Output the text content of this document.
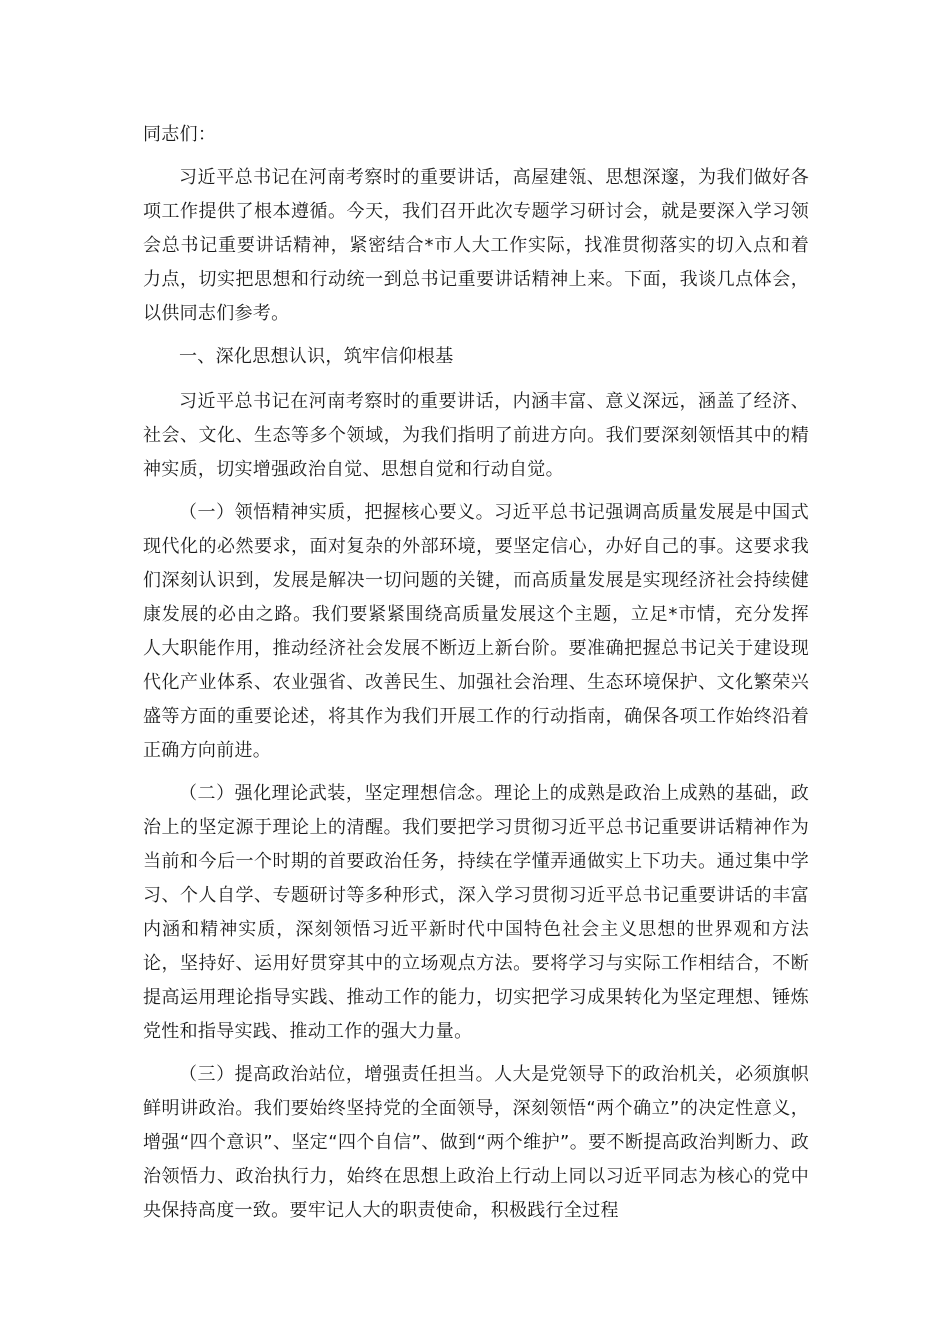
同志们：

习近平总书记在河南考察时的重要讲话，高屋建瓴、思想深邃，为我们做好各项工作提供了根本遵循。今天，我们召开此次专题学习研讨会，就是要深入学习领会总书记重要讲话精神，紧密结合*市人大工作实际，找准贯彻落实的切入点和着力点，切实把思想和行动统一到总书记重要讲话精神上来。下面，我谈几点体会，以供同志们参考。

一、深化思想认识，筑牢信仰根基

习近平总书记在河南考察时的重要讲话，内涵丰富、意义深远，涵盖了经济、社会、文化、生态等多个领域，为我们指明了前进方向。我们要深刻领悟其中的精神实质，切实增强政治自觉、思想自觉和行动自觉。

（一）领悟精神实质，把握核心要义。习近平总书记强调高质量发展是中国式现代化的必然要求，面对复杂的外部环境，要坚定信心，办好自己的事。这要求我们深刻认识到，发展是解决一切问题的关键，而高质量发展是实现经济社会持续健康发展的必由之路。我们要紧紧围绕高质量发展这个主题，立足*市情，充分发挥人大职能作用，推动经济社会发展不断迈上新台阶。要准确把握总书记关于建设现代化产业体系、农业强省、改善民生、加强社会治理、生态环境保护、文化繁荣兴盛等方面的重要论述，将其作为我们开展工作的行动指南，确保各项工作始终沿着正确方向前进。

（二）强化理论武装，坚定理想信念。理论上的成熟是政治上成熟的基础，政治上的坚定源于理论上的清醒。我们要把学习贯彻习近平总书记重要讲话精神作为当前和今后一个时期的首要政治任务，持续在学懂弄通做实上下功夫。通过集中学习、个人自学、专题研讨等多种形式，深入学习贯彻习近平总书记重要讲话的丰富内涵和精神实质，深刻领悟习近平新时代中国特色社会主义思想的世界观和方法论，坚持好、运用好贯穿其中的立场观点方法。要将学习与实际工作相结合，不断提高运用理论指导实践、推动工作的能力，切实把学习成果转化为坚定理想、锤炼党性和指导实践、推动工作的强大力量。

（三）提高政治站位，增强责任担当。人大是党领导下的政治机关，必须旗帜鲜明讲政治。我们要始终坚持党的全面领导，深刻领悟“两个确立”的决定性意义，增强“四个意识”、坚定“四个自信”、做到“两个维护”。要不断提高政治判断力、政治领悟力、政治执行力，始终在思想上政治上行动上同以习近平同志为核心的党中央保持高度一致。要牢记人大的职责使命，积极践行全过程
